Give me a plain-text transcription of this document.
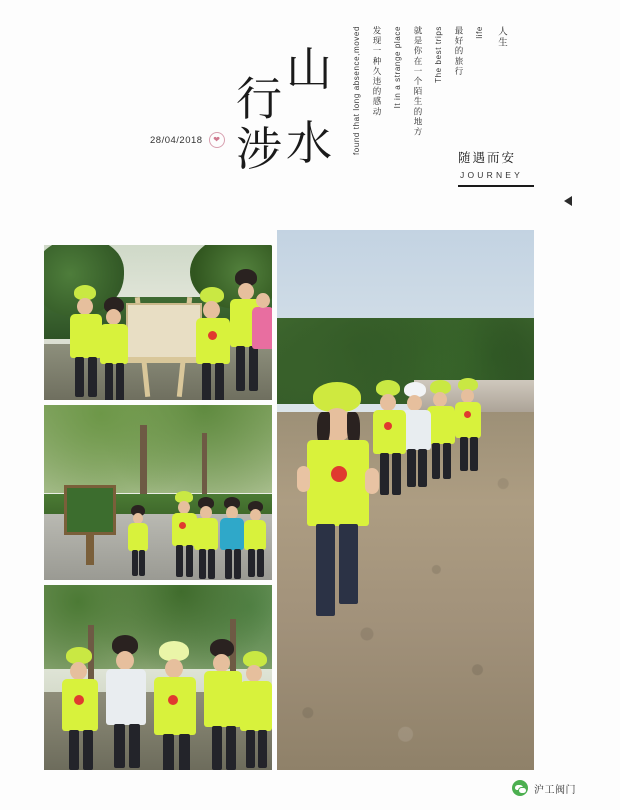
28/04/2018	❤
行
山
涉 水
人生
life
最好的旅行
The best trips
就是你在一个陌生的地方
It in a strange place
发现一种久违的感动
found that long absence,moved
随遇而安
JOURNEY
沪工阀门
